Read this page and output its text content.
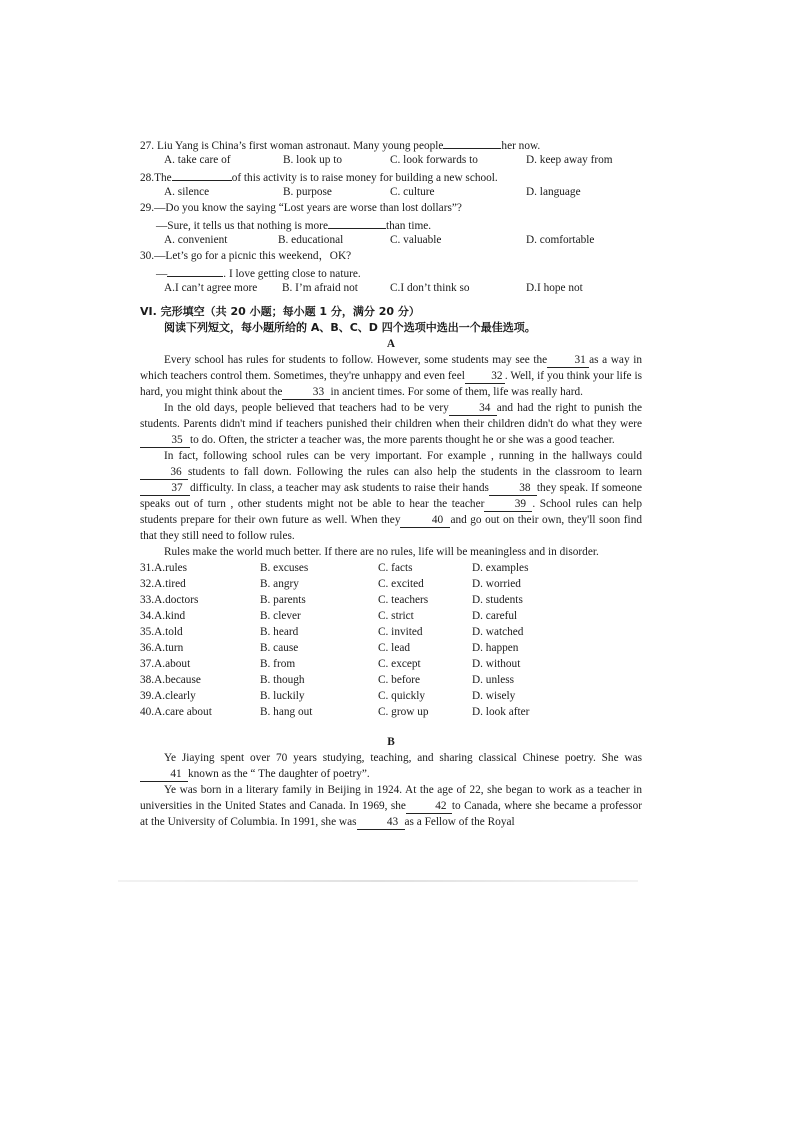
27. Liu Yang is China’s first woman astronaut. Many young people	her now.
A. take care of	B. look up to	C. look forwards to	D. keep away from
28.The	of this activity is to raise money for building a new school.
A. silence	B. purpose	C. culture	D. language
29.—Do you know the saying “Lost years are worse than lost dollars”?
—Sure, it tells us that nothing is more	than time.
A. convenient	B. educational	C. valuable	D. comfortable
30.—Let’s go for a picnic this weekend，OK?
—	. I love getting close to nature.
A.I can’t agree more	B. I’m afraid not	C.I don’t think so	D.I hope not
VI. 完形填空（共 20 小题；每小题 1 分，满分 20 分）
阅读下列短文，每小题所给的 A、B、C、D 四个选项中选出一个最佳选项。
A

Every school has rules for students to follow. However, some students may see the 31 as a way in which teachers control them. Sometimes, they're unhappy and even feel 32 . Well, if you think your life is hard, you might think about the	33 in ancient times. For some of them, life was really hard.

In the old days, people believed that teachers had to be very	34 and had the right to punish the students. Parents didn't mind if teachers punished their children when their children didn't do what they were35 to do. Often, the stricter a teacher was, the more parents thought he or she was a good teacher.

In fact, following school rules can be very important. For example , running in the hallways could 36 students to fall down. Following the rules can also help the students in the classroom to learn 37 difficulty. In class, a teacher may ask students to raise their hands	38 they speak. If someone speaks out of turn , other students might not be able to hear the teacher	39 . School rules can help students prepare for their own future as well. When they	40 and go out on their own, they'll soon find that they still need to follow rules.

Rules make the world much better. If there are no rules, life will be meaningless and in disorder.

31.A.rules	B. excuses	C. facts	D. examples
32.A.tired	B. angry	C. excited	D. worried
33.A.doctors	B. parents	C. teachers	D. students
34.A.kind	B. clever	C. strict	D. careful
35.A.told	B. heard	C. invited	D. watched
36.A.turn	B. cause	C. lead	D. happen
37.A.about	B. from	C. except	D. without
38.A.because	B. though	C. before	D. unless
39.A.clearly	B. luckily	C. quickly	D. wisely
40.A.care about	B. hang out	C. grow up	D. look after
B

Ye Jiaying spent over 70 years studying, teaching, and sharing classical Chinese poetry. She was 41 known as the “ The daughter of poetry”.

Ye was born in a literary family in Beijing in 1924. At the age of 22, she began to work as a teacher in universities in the United States and Canada. In 1969, she	42 to Canada, where she became a professor at the University of Columbia. In 1991, she was	43 as a Fellow of the Royal
